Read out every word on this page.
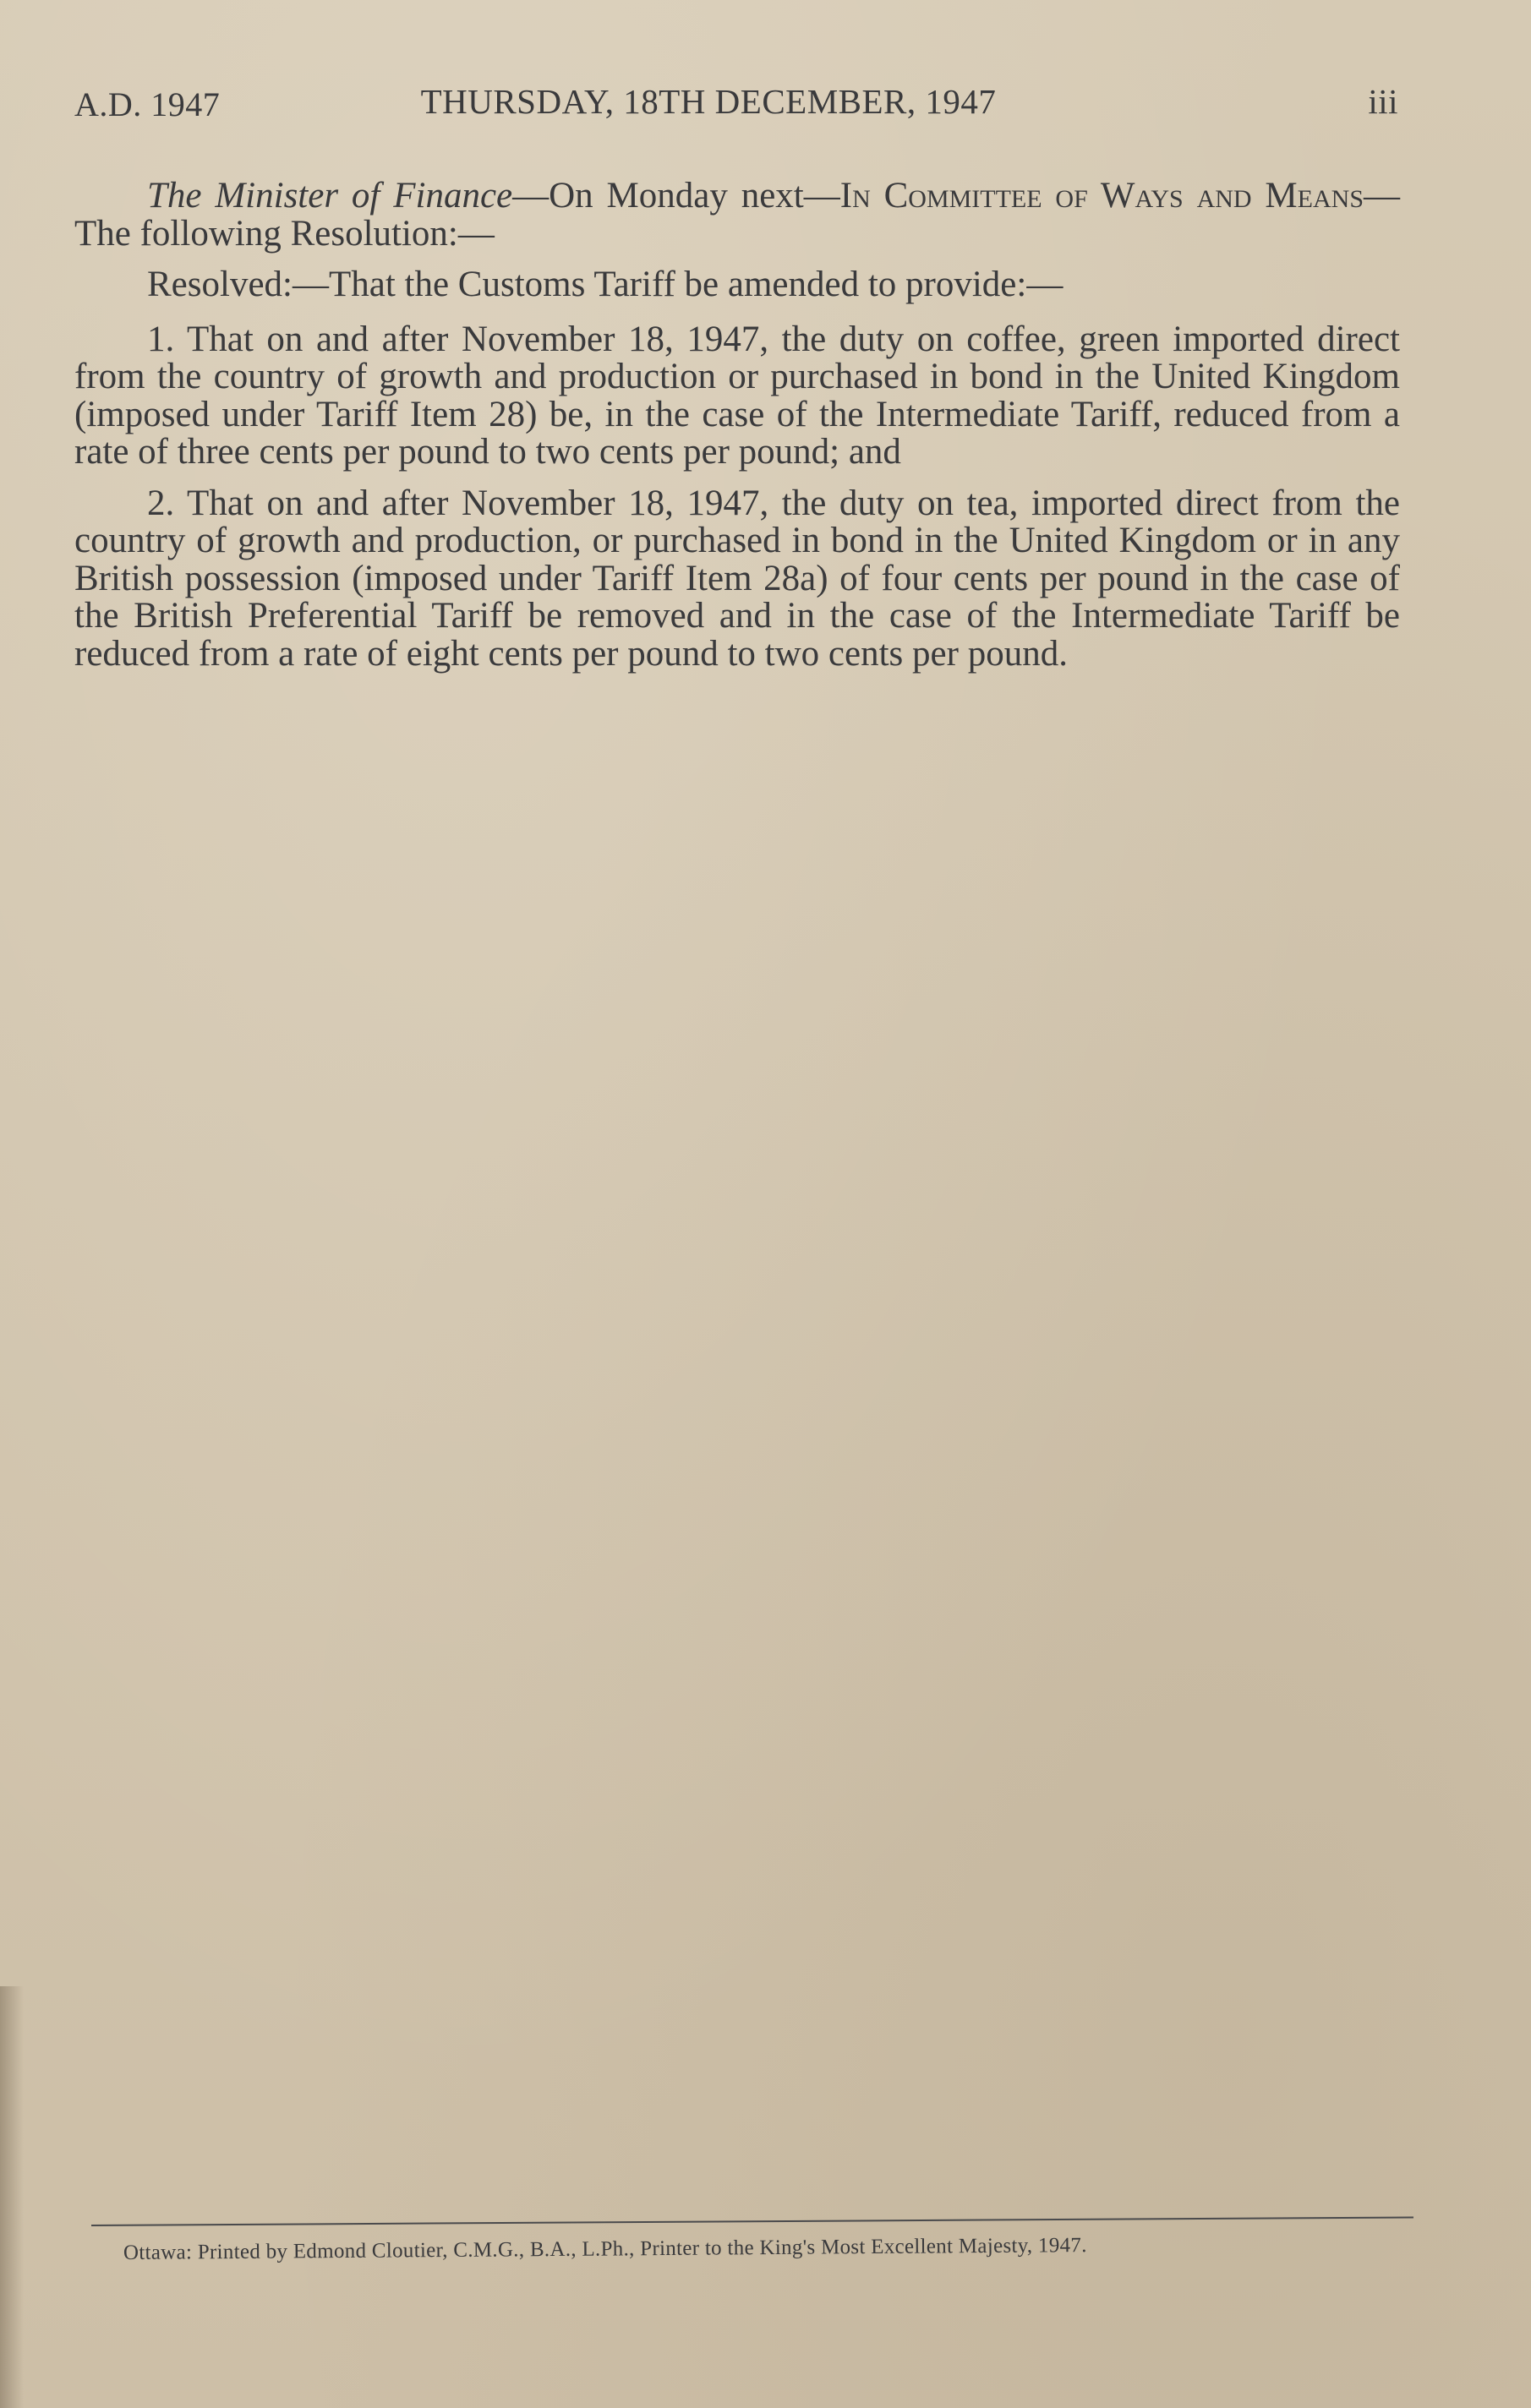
A.D. 1947	THURSDAY, 18TH DECEMBER, 1947	iii

The Minister of Finance—On Monday next—In Committee of Ways and Means—The following Resolution:—

Resolved:—That the Customs Tariff be amended to provide:—

1. That on and after November 18, 1947, the duty on coffee, green imported direct from the country of growth and production or purchased in bond in the United Kingdom (imposed under Tariff Item 28) be, in the case of the Intermediate Tariff, reduced from a rate of three cents per pound to two cents per pound; and

2. That on and after November 18, 1947, the duty on tea, imported direct from the country of growth and production, or purchased in bond in the United Kingdom or in any British possession (imposed under Tariff Item 28a) of four cents per pound in the case of the British Preferential Tariff be removed and in the case of the Intermediate Tariff be reduced from a rate of eight cents per pound to two cents per pound.

Ottawa: Printed by Edmond Cloutier, C.M.G., B.A., L.Ph., Printer to the King's Most Excellent Majesty, 1947.
